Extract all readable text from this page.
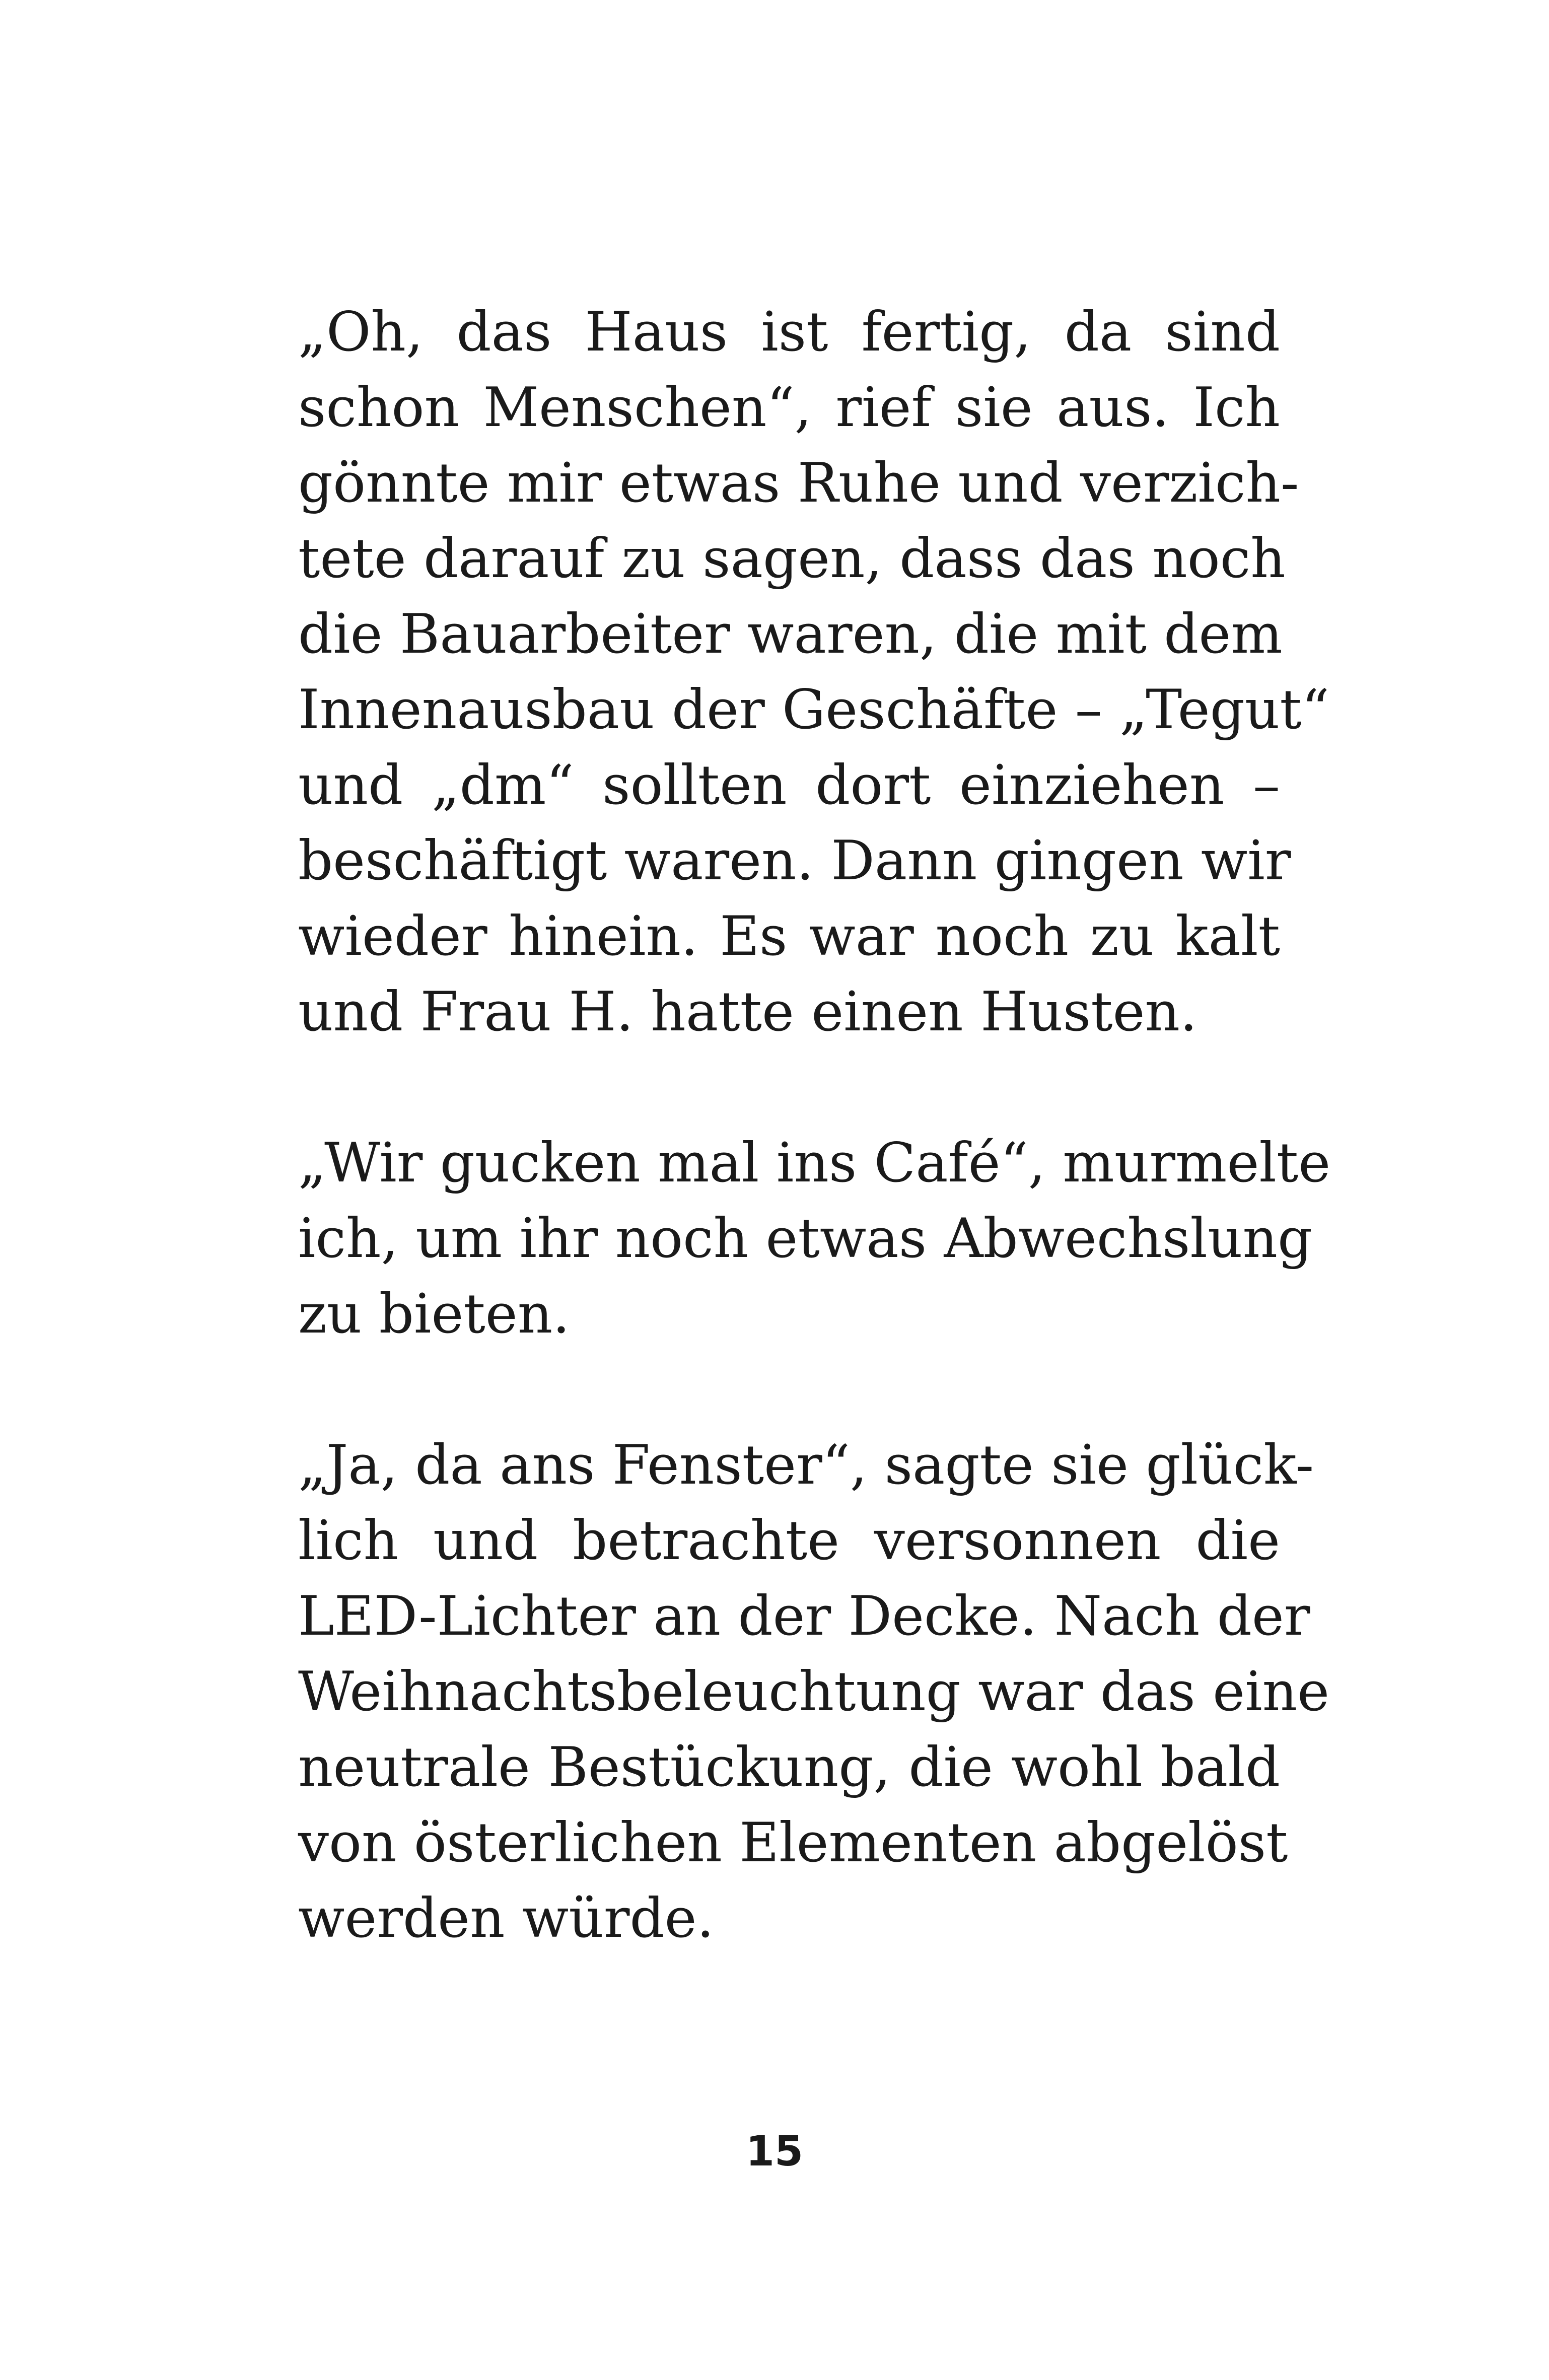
„Oh, das Haus ist fertig, da sind
schon Menschen“, rief sie aus. Ich
gönnte mir etwas Ruhe und verzich-
tete darauf zu sagen, dass das noch
die Bauarbeiter waren, die mit dem
Innenausbau der Geschäfte – „Tegut“
und „dm“ sollten dort einziehen –
beschäftigt waren. Dann gingen wir
wieder hinein. Es war noch zu kalt
und Frau H. hatte einen Husten.

„Wir gucken mal ins Café“, murmelte
ich, um ihr noch etwas Abwechslung
zu bieten.

„Ja, da ans Fenster“, sagte sie glück-
lich und betrachte versonnen die
LED-Lichter an der Decke. Nach der
Weihnachtsbeleuchtung war das eine
neutrale Bestückung, die wohl bald
von österlichen Elementen abgelöst
werden würde.

15
